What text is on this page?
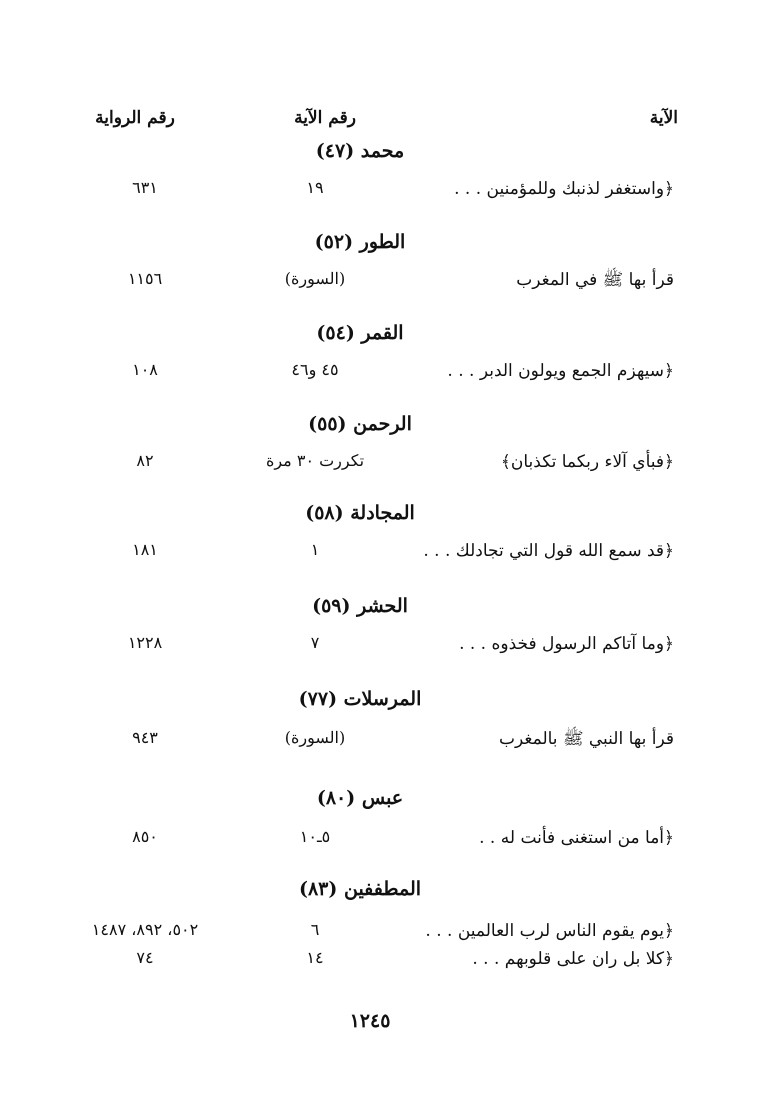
الآية
رقم الآية
رقم الرواية
محمد (٤٧)
﴿واستغفر لذنبك وللمؤمنين . . .
١٩
٦٣١
الطور (٥٢)
قرأ بها ﷺ في المغرب
(السورة)
١١٥٦
القمر (٥٤)
﴿سيهزم الجمع ويولون الدبر . . .
٤٥ و٤٦
١٠٨
الرحمن (٥٥)
﴿فبأي آلاء ربكما تكذبان﴾
تكررت ٣٠ مرة
٨٢
المجادلة (٥٨)
﴿قد سمع الله قول التي تجادلك . . .
١
١٨١
الحشر (٥٩)
﴿وما آتاكم الرسول فخذوه . . .
٧
١٢٢٨
المرسلات (٧٧)
قرأ بها النبي ﷺ بالمغرب
(السورة)
٩٤٣
عبس (٨٠)
﴿أما من استغنى فأنت له . .
٥ـ١٠
٨٥٠
المطففين (٨٣)
﴿يوم يقوم الناس لرب العالمين . . .
٦
٥٠٢، ٨٩٢، ١٤٨٧
﴿كلا بل ران على قلوبهم . . .
١٤
٧٤
١٢٤٥
